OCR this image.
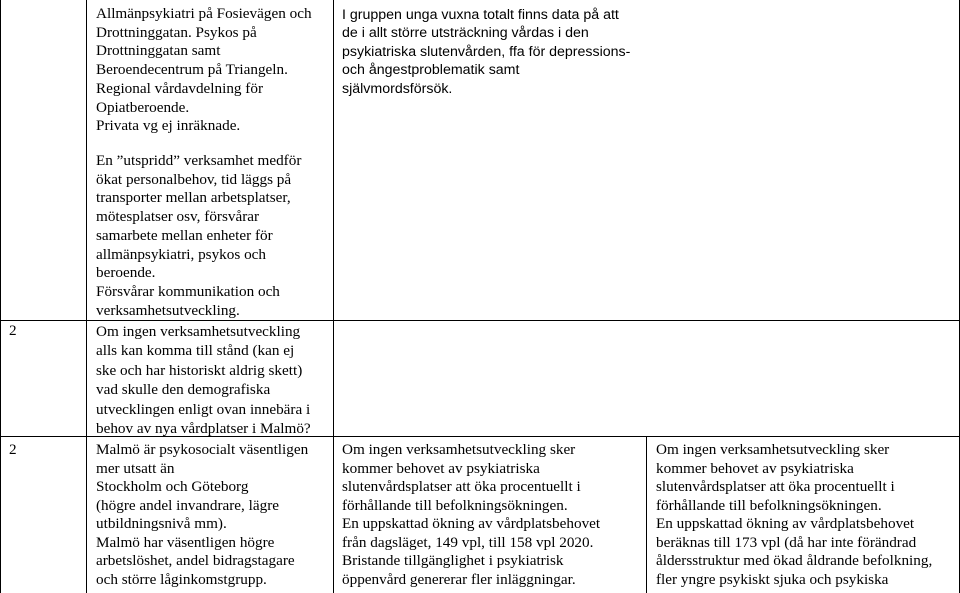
Allmänpsykiatri på Fosievägen och
Drottninggatan. Psykos på
Drottninggatan samt
Beroendecentrum på Triangeln.
Regional vårdavdelning för
Opiatberoende.
Privata vg ej inräknade.
I gruppen unga vuxna totalt finns data på att
de i allt större utsträckning vårdas i den
psykiatriska slutenvården, ffa för depressions-
och ångestproblematik samt
självmordsförsök.
En ”utspridd” verksamhet medför
ökat personalbehov, tid läggs på
transporter mellan arbetsplatser,
mötesplatser osv, försvårar
samarbete mellan enheter för
allmänpsykiatri, psykos och
beroende.
Försvårar kommunikation och
verksamhetsutveckling.
2	Om ingen verksamhetsutveckling
alls kan komma till stånd (kan ej
ske och har historiskt aldrig skett)
vad skulle den demografiska
utvecklingen enligt ovan innebära i
behov av nya vårdplatser i Malmö?
2	Malmö är psykosocialt väsentligen
mer utsatt än
Stockholm och Göteborg
(högre andel invandrare, lägre
utbildningsnivå mm).
Malmö har väsentligen högre
arbetslöshet, andel bidragstagare
och större låginkomstgrupp.
Om ingen verksamhetsutveckling sker
kommer behovet av psykiatriska
slutenvårdsplatser att öka procentuellt i
förhållande till befolkningsökningen.
En uppskattad ökning av vårdplatsbehovet
från dagsläget, 149 vpl, till 158 vpl 2020.
Bristande tillgänglighet i psykiatrisk
öppenvård genererar fler inläggningar.
Om ingen verksamhetsutveckling sker
kommer behovet av psykiatriska
slutenvårdsplatser att öka procentuellt i
förhållande till befolkningsökningen.
En uppskattad ökning av vårdplatsbehovet
beräknas till 173 vpl (då har inte förändrad
åldersstruktur med ökad åldrande befolkning,
fler yngre psykiskt sjuka och psykiska
